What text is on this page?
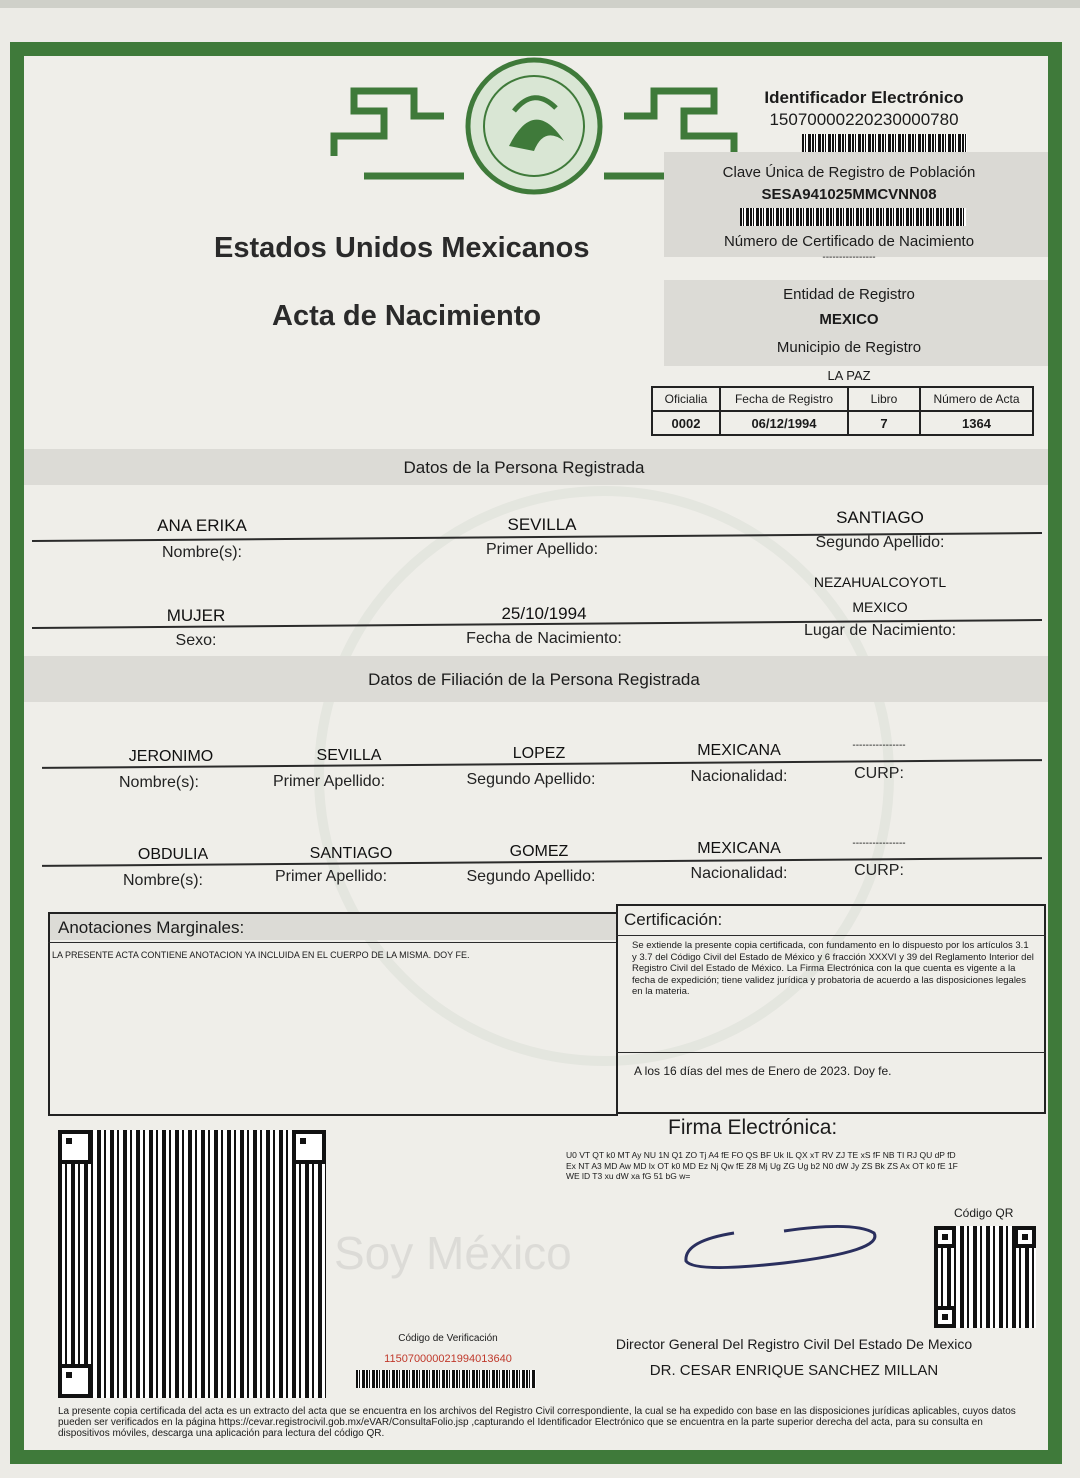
Soy México
Estados Unidos Mexicanos
Acta de Nacimiento
Identificador Electrónico
15070000220230000780
Clave Única de Registro de Población
SESA941025MMCVNN08
Número de Certificado de Nacimiento
----------------
Entidad de Registro
MEXICO
Municipio de Registro
LA PAZ
Oficialia	Fecha de Registro	Libro	Número de Acta
0002	06/12/1994	7	1364
Datos de la Persona Registrada
ANA ERIKA	SEVILLA	SANTIAGO
Nombre(s):	Primer Apellido:	Segundo Apellido:
NEZAHUALCOYOTL
MUJER	25/10/1994	MEXICO
Sexo:	Fecha de Nacimiento:	Lugar de Nacimiento:
Datos de Filiación de la Persona Registrada
JERONIMO	SEVILLA	LOPEZ	MEXICANA	----------------
Nombre(s):	Primer Apellido:	Segundo Apellido:	Nacionalidad:	CURP:
OBDULIA	SANTIAGO	GOMEZ	MEXICANA	----------------
Nombre(s):	Primer Apellido:	Segundo Apellido:	Nacionalidad:	CURP:
Anotaciones Marginales:
LA PRESENTE ACTA CONTIENE ANOTACION YA INCLUIDA EN EL CUERPO DE LA MISMA. DOY FE.
Certificación:
Se extiende la presente copia certificada, con fundamento en lo dispuesto por los artículos 3.1 y 3.7 del Código Civil del Estado de México y 6 fracción XXXVI y 39 del Reglamento Interior del Registro Civil del Estado de México. La Firma Electrónica con la que cuenta es vigente a la fecha de expedición; tiene validez jurídica y probatoria de acuerdo a las disposiciones legales en la materia.
A los 16 días del mes de Enero de 2023. Doy fe.
Firma Electrónica:
U0 VT QT k0 MT Ay NU 1N Q1 ZO Tj A4 fE FO QS BF Uk IL QX xT RV ZJ TE xS fF NB TI RJ QU dP fD Ex NT A3 MD Aw MD lx OT k0 MD Ez Nj Qw fE Z8 Mj Ug ZG Ug b2 N0 dW Jy ZS Bk ZS Ax OT k0 fE 1F WE lD T3 xu dW xa fG 51 bG w=
Código QR
Director General Del Registro Civil Del Estado De Mexico
DR. CESAR ENRIQUE SANCHEZ MILLAN
Código de Verificación
115070000021994013640
La presente copia certificada del acta es un extracto del acta que se encuentra en los archivos del Registro Civil correspondiente, la cual se ha expedido con base en las disposiciones jurídicas aplicables, cuyos datos pueden ser verificados en la página https://cevar.registrocivil.gob.mx/eVAR/ConsultaFolio.jsp ,capturando el Identificador Electrónico que se encuentra en la parte superior derecha del acta, para su consulta en dispositivos móviles, descarga una aplicación para lectura del código QR.
